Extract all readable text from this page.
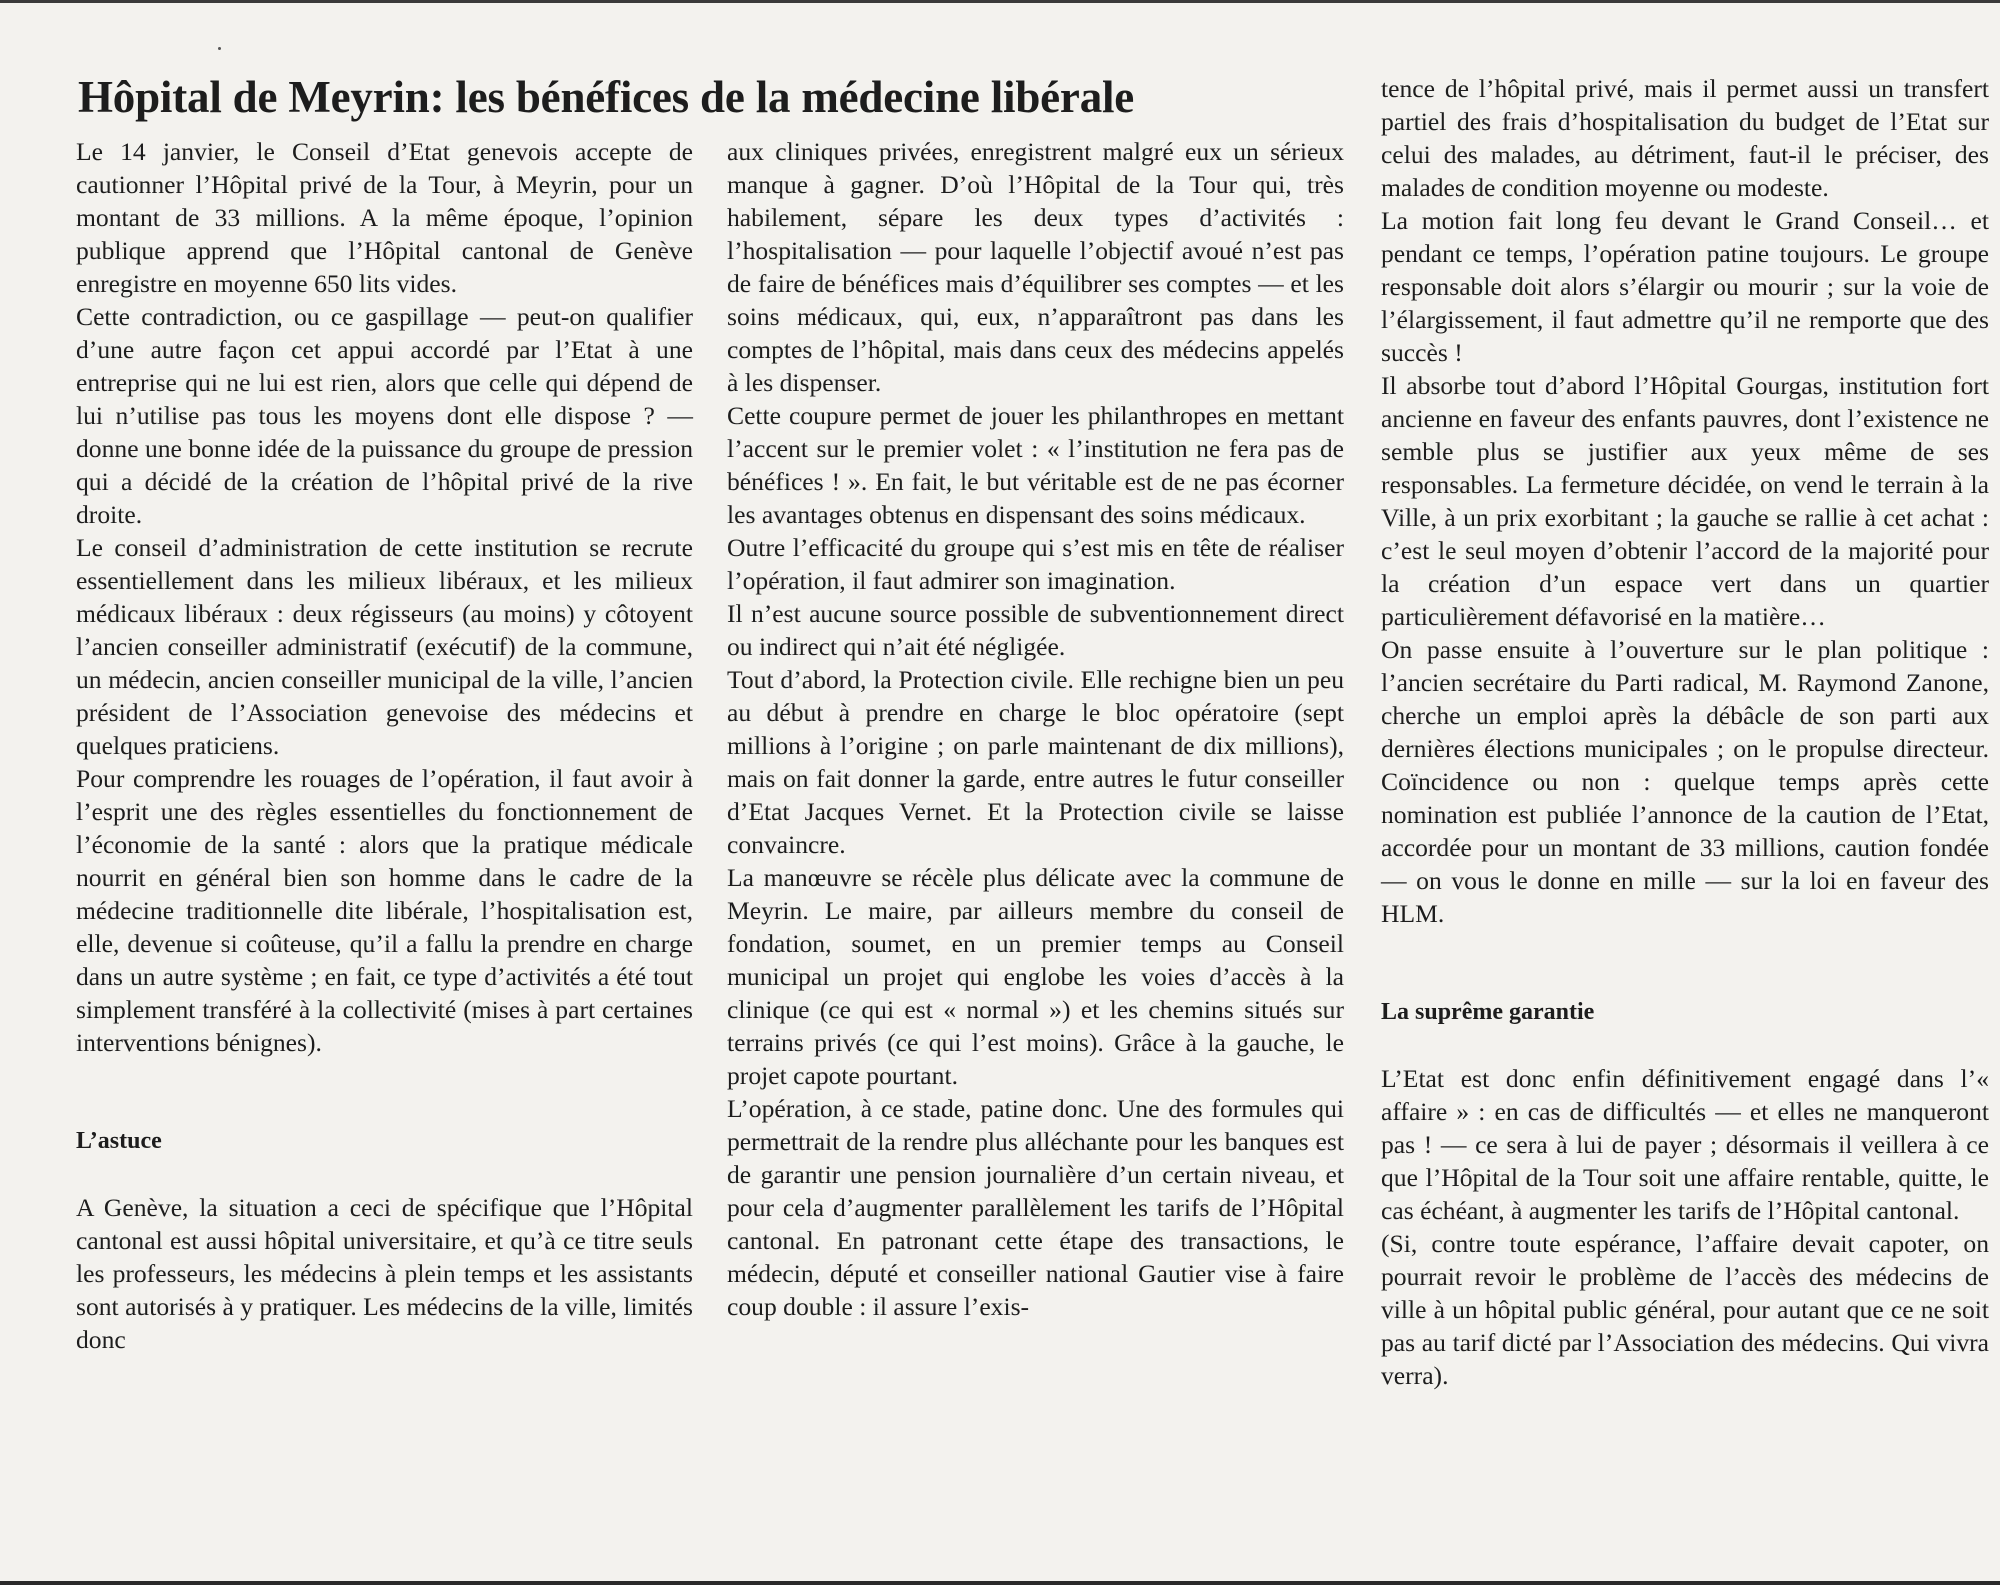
Hôpital de Meyrin: les bénéfices de la médecine libérale

Le 14 janvier, le Conseil d’Etat genevois accepte de cautionner l’Hôpital privé de la Tour, à Meyrin, pour un montant de 33 millions. A la même époque, l’opinion publique apprend que l’Hôpital cantonal de Genève enregistre en moyenne 650 lits vides.

Cette contradiction, ou ce gaspillage — peut-on qualifier d’une autre façon cet appui accordé par l’Etat à une entreprise qui ne lui est rien, alors que celle qui dépend de lui n’utilise pas tous les moyens dont elle dispose ? — donne une bonne idée de la puissance du groupe de pression qui a décidé de la création de l’hôpital privé de la rive droite.

Le conseil d’administration de cette institution se recrute essentiellement dans les milieux libéraux, et les milieux médicaux libéraux : deux régisseurs (au moins) y côtoyent l’ancien conseiller administratif (exécutif) de la commune, un médecin, ancien conseiller municipal de la ville, l’ancien président de l’Association genevoise des médecins et quelques praticiens.

Pour comprendre les rouages de l’opération, il faut avoir à l’esprit une des règles essentielles du fonctionnement de l’économie de la santé : alors que la pratique médicale nourrit en général bien son homme dans le cadre de la médecine traditionnelle dite libérale, l’hospitalisation est, elle, devenue si coûteuse, qu’il a fallu la prendre en charge dans un autre système ; en fait, ce type d’activités a été tout simplement transféré à la collectivité (mises à part certaines interventions bénignes).

L’astuce

A Genève, la situation a ceci de spécifique que l’Hôpital cantonal est aussi hôpital universitaire, et qu’à ce titre seuls les professeurs, les médecins à plein temps et les assistants sont autorisés à y pratiquer. Les médecins de la ville, limités donc

aux cliniques privées, enregistrent malgré eux un sérieux manque à gagner. D’où l’Hôpital de la Tour qui, très habilement, sépare les deux types d’activités : l’hospitalisation — pour laquelle l’objectif avoué n’est pas de faire de bénéfices mais d’équilibrer ses comptes — et les soins médicaux, qui, eux, n’apparaîtront pas dans les comptes de l’hôpital, mais dans ceux des médecins appelés à les dispenser.

Cette coupure permet de jouer les philanthropes en mettant l’accent sur le premier volet : « l’institution ne fera pas de bénéfices ! ». En fait, le but véritable est de ne pas écorner les avantages obtenus en dispensant des soins médicaux.

Outre l’efficacité du groupe qui s’est mis en tête de réaliser l’opération, il faut admirer son imagination.

Il n’est aucune source possible de subventionnement direct ou indirect qui n’ait été négligée.

Tout d’abord, la Protection civile. Elle rechigne bien un peu au début à prendre en charge le bloc opératoire (sept millions à l’origine ; on parle maintenant de dix millions), mais on fait donner la garde, entre autres le futur conseiller d’Etat Jacques Vernet. Et la Protection civile se laisse convaincre.

La manœuvre se récèle plus délicate avec la commune de Meyrin. Le maire, par ailleurs membre du conseil de fondation, soumet, en un premier temps au Conseil municipal un projet qui englobe les voies d’accès à la clinique (ce qui est « normal ») et les chemins situés sur terrains privés (ce qui l’est moins). Grâce à la gauche, le projet capote pourtant.

L’opération, à ce stade, patine donc. Une des formules qui permettrait de la rendre plus alléchante pour les banques est de garantir une pension journalière d’un certain niveau, et pour cela d’augmenter parallèlement les tarifs de l’Hôpital cantonal. En patronant cette étape des transactions, le médecin, député et conseiller national Gautier vise à faire coup double : il assure l’exis-

tence de l’hôpital privé, mais il permet aussi un transfert partiel des frais d’hospitalisation du budget de l’Etat sur celui des malades, au détriment, faut-il le préciser, des malades de condition moyenne ou modeste.

La motion fait long feu devant le Grand Conseil… et pendant ce temps, l’opération patine toujours. Le groupe responsable doit alors s’élargir ou mourir ; sur la voie de l’élargissement, il faut admettre qu’il ne remporte que des succès !

Il absorbe tout d’abord l’Hôpital Gourgas, institution fort ancienne en faveur des enfants pauvres, dont l’existence ne semble plus se justifier aux yeux même de ses responsables. La fermeture décidée, on vend le terrain à la Ville, à un prix exorbitant ; la gauche se rallie à cet achat : c’est le seul moyen d’obtenir l’accord de la majorité pour la création d’un espace vert dans un quartier particulièrement défavorisé en la matière…

On passe ensuite à l’ouverture sur le plan politique : l’ancien secrétaire du Parti radical, M. Raymond Zanone, cherche un emploi après la débâcle de son parti aux dernières élections municipales ; on le propulse directeur. Coïncidence ou non : quelque temps après cette nomination est publiée l’annonce de la caution de l’Etat, accordée pour un montant de 33 millions, caution fondée — on vous le donne en mille — sur la loi en faveur des HLM.

La suprême garantie

L’Etat est donc enfin définitivement engagé dans l’« affaire » : en cas de difficultés — et elles ne manqueront pas ! — ce sera à lui de payer ; désormais il veillera à ce que l’Hôpital de la Tour soit une affaire rentable, quitte, le cas échéant, à augmenter les tarifs de l’Hôpital cantonal.

(Si, contre toute espérance, l’affaire devait capoter, on pourrait revoir le problème de l’accès des médecins de ville à un hôpital public général, pour autant que ce ne soit pas au tarif dicté par l’Association des médecins. Qui vivra verra).
